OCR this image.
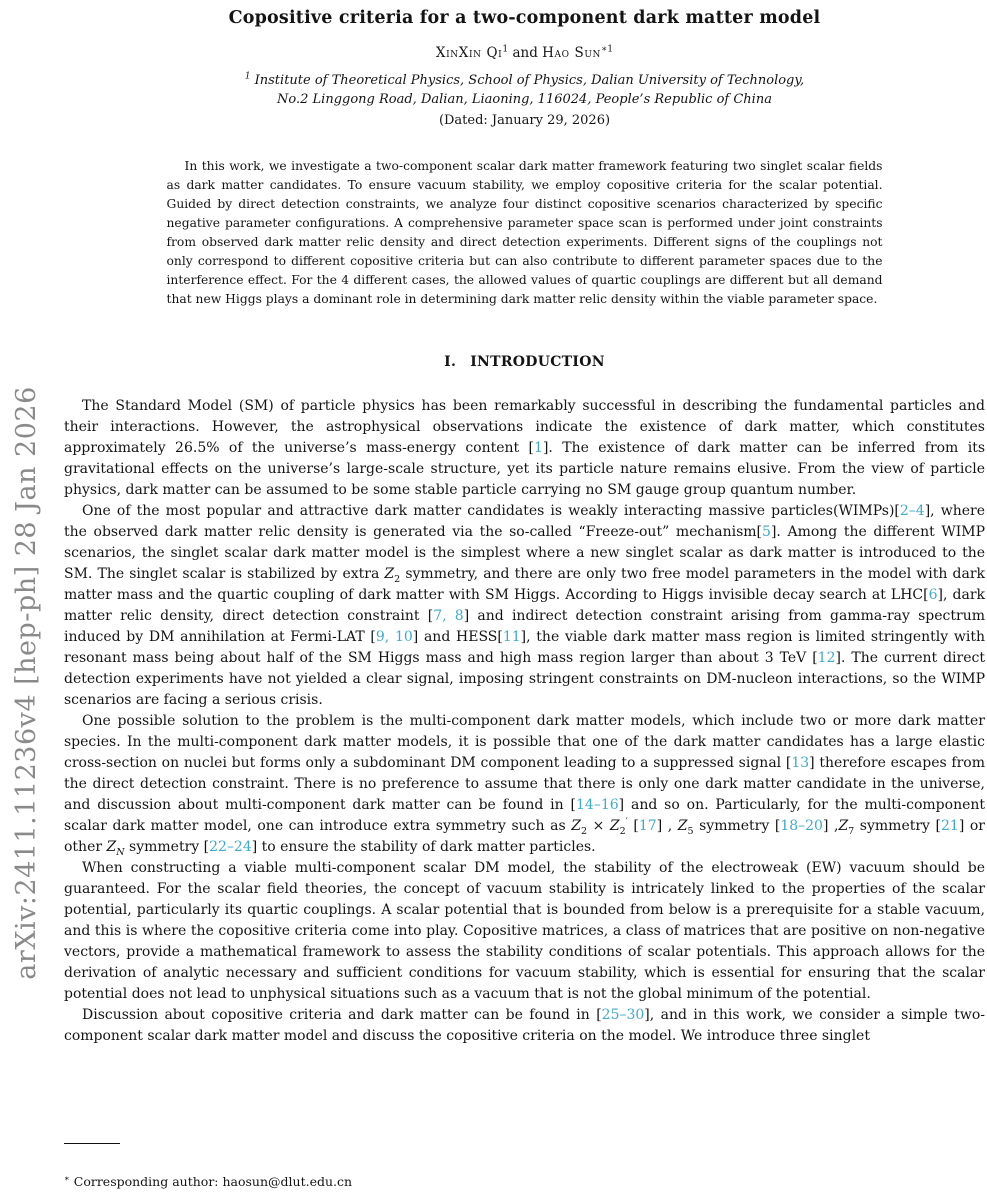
arXiv:2411.11236v4 [hep-ph] 28 Jan 2026
Copositive criteria for a two-component dark matter model
XinXin Qi$^1$ and Hao Sun$^{∗1}$
$^1$ Institute of Theoretical Physics, School of Physics, Dalian University of Technology,
No.2 Linggong Road, Dalian, Liaoning, 116024, People’s Republic of China
(Dated: January 29, 2026)
In this work, we investigate a two-component scalar dark matter framework featuring two singlet scalar fields as dark matter candidates. To ensure vacuum stability, we employ copositive criteria for the scalar potential. Guided by direct detection constraints, we analyze four distinct copositive scenarios characterized by specific negative parameter configurations. A comprehensive parameter space scan is performed under joint constraints from observed dark matter relic density and direct detection experiments. Different signs of the couplings not only correspond to different copositive criteria but can also contribute to different parameter spaces due to the interference effect. For the 4 different cases, the allowed values of quartic couplings are different but all demand that new Higgs plays a dominant role in determining dark matter relic density within the viable parameter space.
I. INTRODUCTION

The Standard Model (SM) of particle physics has been remarkably successful in describing the fundamental particles and their interactions. However, the astrophysical observations indicate the existence of dark matter, which constitutes approximately 26.5% of the universe’s mass-energy content [1]. The existence of dark matter can be inferred from its gravitational effects on the universe’s large-scale structure, yet its particle nature remains elusive. From the view of particle physics, dark matter can be assumed to be some stable particle carrying no SM gauge group quantum number.

One of the most popular and attractive dark matter candidates is weakly interacting massive particles(WIMPs)[2–4], where the observed dark matter relic density is generated via the so-called “Freeze-out” mechanism[5]. Among the different WIMP scenarios, the singlet scalar dark matter model is the simplest where a new singlet scalar as dark matter is introduced to the SM. The singlet scalar is stabilized by extra $Z_2$ symmetry, and there are only two free model parameters in the model with dark matter mass and the quartic coupling of dark matter with SM Higgs. According to Higgs invisible decay search at LHC[6], dark matter relic density, direct detection constraint [7, 8] and indirect detection constraint arising from gamma-ray spectrum induced by DM annihilation at Fermi-LAT [9, 10] and HESS[11], the viable dark matter mass region is limited stringently with resonant mass being about half of the SM Higgs mass and high mass region larger than about 3 TeV [12]. The current direct detection experiments have not yielded a clear signal, imposing stringent constraints on DM-nucleon interactions, so the WIMP scenarios are facing a serious crisis.

One possible solution to the problem is the multi-component dark matter models, which include two or more dark matter species. In the multi-component dark matter models, it is possible that one of the dark matter candidates has a large elastic cross-section on nuclei but forms only a subdominant DM component leading to a suppressed signal [13] therefore escapes from the direct detection constraint. There is no preference to assume that there is only one dark matter candidate in the universe, and discussion about multi-component dark matter can be found in [14–16] and so on. Particularly, for the multi-component scalar dark matter model, one can introduce extra symmetry such as $Z_2 \times Z_2'$ [17] , $Z_5$ symmetry [18–20] $,Z_7$ symmetry [21] or other $Z_N$ symmetry [22–24] to ensure the stability of dark matter particles.

When constructing a viable multi-component scalar DM model, the stability of the electroweak (EW) vacuum should be guaranteed. For the scalar field theories, the concept of vacuum stability is intricately linked to the properties of the scalar potential, particularly its quartic couplings. A scalar potential that is bounded from below is a prerequisite for a stable vacuum, and this is where the copositive criteria come into play. Copositive matrices, a class of matrices that are positive on non-negative vectors, provide a mathematical framework to assess the stability conditions of scalar potentials. This approach allows for the derivation of analytic necessary and sufficient conditions for vacuum stability, which is essential for ensuring that the scalar potential does not lead to unphysical situations such as a vacuum that is not the global minimum of the potential.

Discussion about copositive criteria and dark matter can be found in [25–30], and in this work, we consider a simple two-component scalar dark matter model and discuss the copositive criteria on the model. We introduce three singlet

∗ Corresponding author: haosun@dlut.edu.cn
